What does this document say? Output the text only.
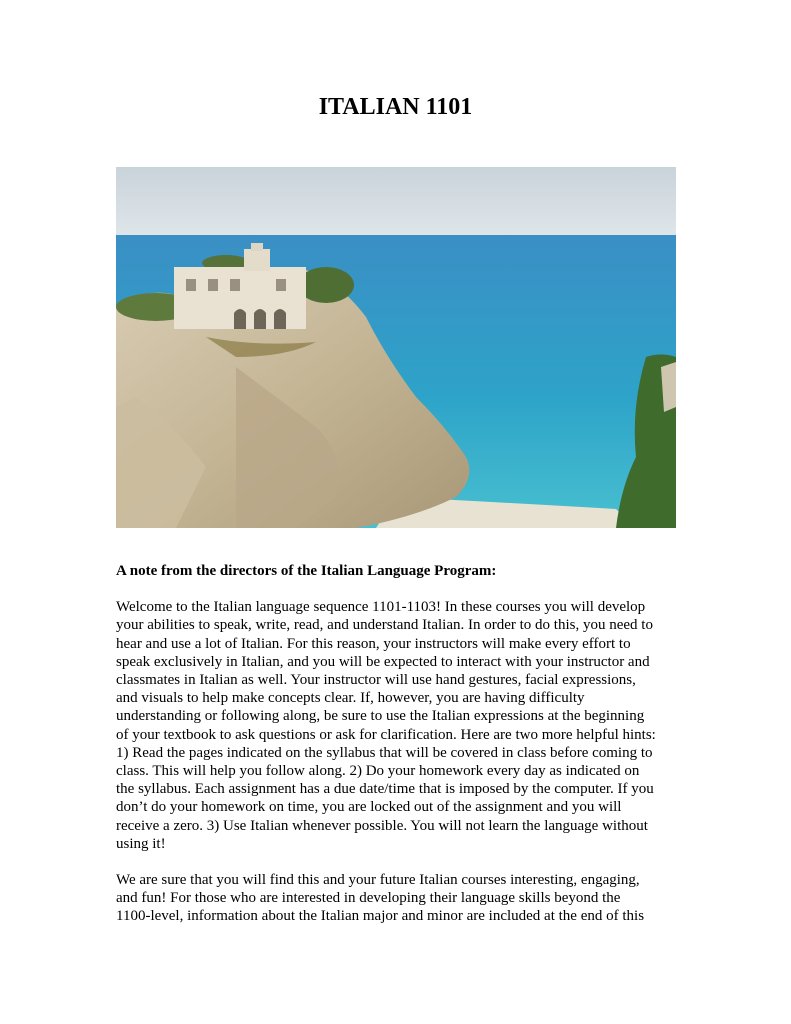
ITALIAN 1101
A note from the directors of the Italian Language Program:
Welcome to the Italian language sequence 1101-1103! In these courses you will develop
your abilities to speak, write, read, and understand Italian. In order to do this, you need to
hear and use a lot of Italian. For this reason, your instructors will make every effort to
speak exclusively in Italian, and you will be expected to interact with your instructor and
classmates in Italian as well. Your instructor will use hand gestures, facial expressions,
and visuals to help make concepts clear. If, however, you are having difficulty
understanding or following along, be sure to use the Italian expressions at the beginning
of your textbook to ask questions or ask for clarification. Here are two more helpful hints:
1) Read the pages indicated on the syllabus that will be covered in class before coming to
class. This will help you follow along. 2) Do your homework every day as indicated on
the syllabus. Each assignment has a due date/time that is imposed by the computer. If you
don’t do your homework on time, you are locked out of the assignment and you will
receive a zero. 3) Use Italian whenever possible. You will not learn the language without
using it!
We are sure that you will find this and your future Italian courses interesting, engaging,
and fun! For those who are interested in developing their language skills beyond the
1100-level, information about the Italian major and minor are included at the end of this
